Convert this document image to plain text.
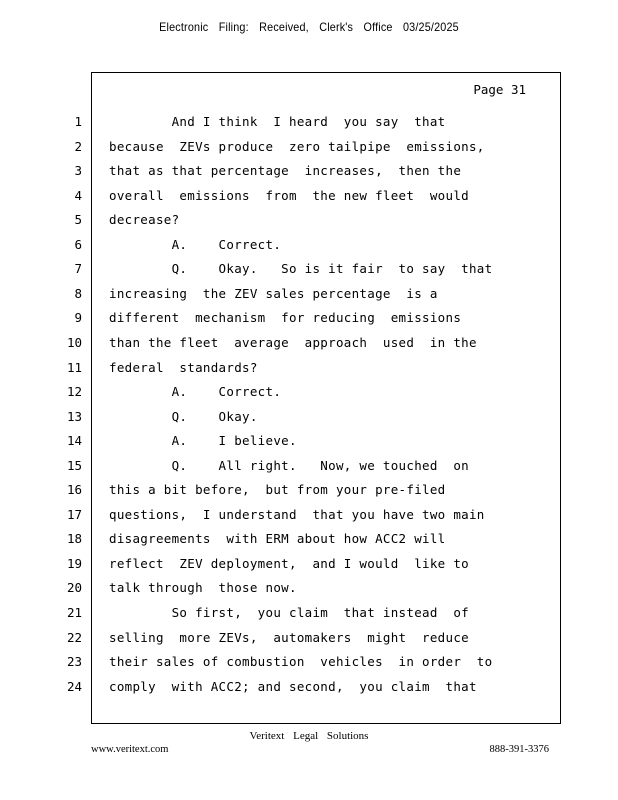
Electronic Filing: Received, Clerk's Office 03/25/2025
Page 31
1 And I think  I heard  you say  that
2 because  ZEVs produce  zero tailpipe  emissions,
3 that as that percentage  increases,  then the
4 overall  emissions  from  the new fleet  would
5 decrease?
6 A.    Correct.
7 Q.    Okay.   So is it fair  to say  that
8 increasing  the ZEV sales percentage  is a
9 different  mechanism  for reducing  emissions
10 than the fleet  average  approach  used  in the
11 federal  standards?
12 A.    Correct.
13 Q.    Okay.
14 A.    I believe.
15 Q.    All right.   Now, we touched  on
16 this a bit before,  but from your pre-filed
17 questions,  I understand  that you have two main
18 disagreements  with ERM about how ACC2 will
19 reflect  ZEV deployment,  and I would  like to
20 talk through  those now.
21 So first,  you claim  that instead  of
22 selling  more ZEVs,  automakers  might  reduce
23 their sales of combustion  vehicles  in order  to
24 comply  with ACC2; and second,  you claim  that
Veritext Legal Solutions
www.veritext.com	888-391-3376
